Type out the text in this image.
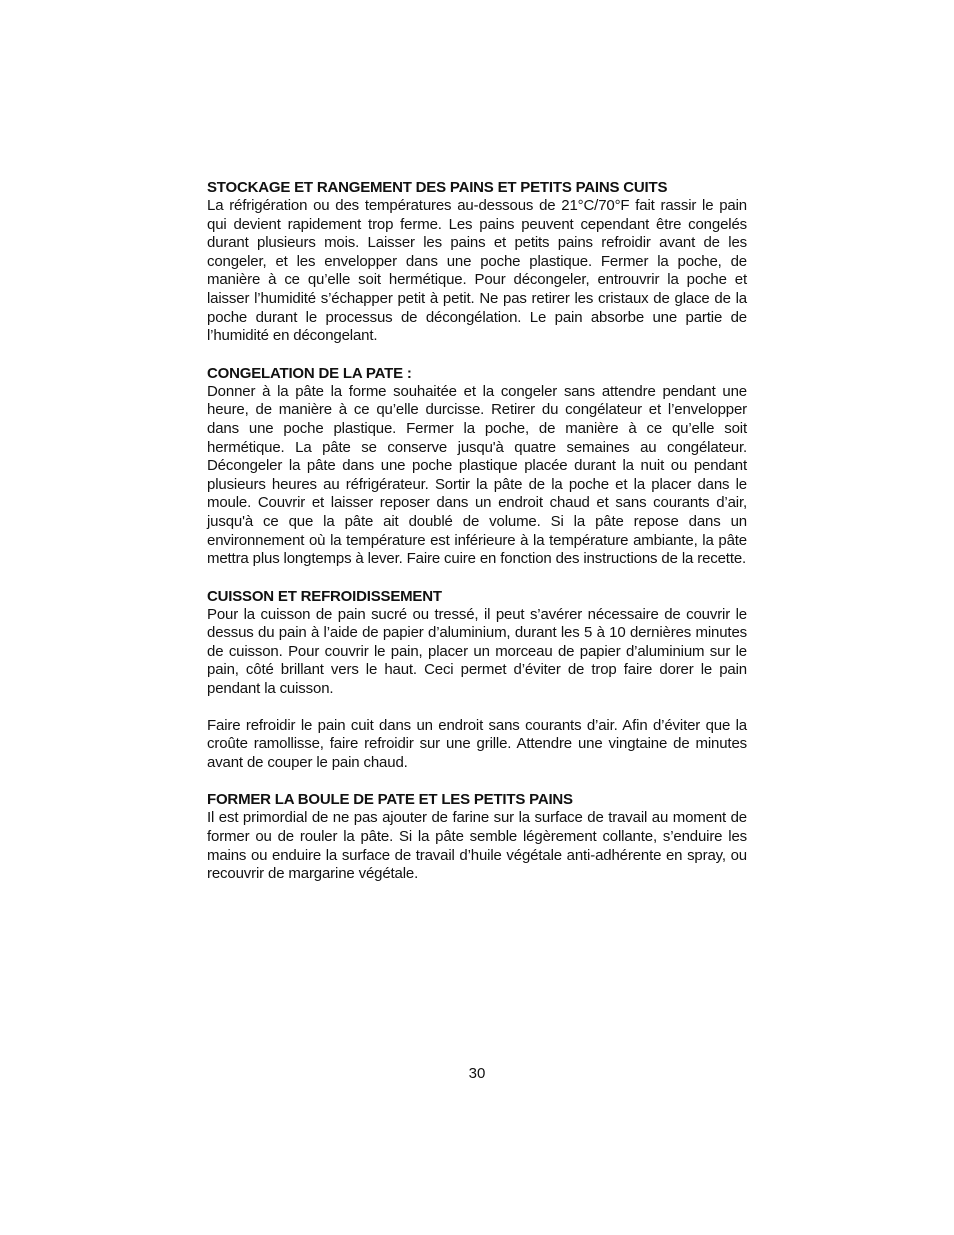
STOCKAGE ET RANGEMENT DES PAINS ET PETITS PAINS CUITS

La réfrigération ou des températures au-dessous de 21°C/70°F fait rassir le pain qui devient rapidement trop ferme. Les pains peuvent cependant être congelés durant plusieurs mois. Laisser les pains et petits pains refroidir avant de les congeler, et les envelopper dans une poche plastique. Fermer la poche, de manière à ce qu’elle soit hermétique. Pour décongeler, entrouvrir la poche et laisser l’humidité s’échapper petit à petit. Ne pas retirer les cristaux de glace de la poche durant le processus de décongélation. Le pain absorbe une partie de l’humidité en décongelant.

CONGELATION DE LA PATE :

Donner à la pâte la forme souhaitée et la congeler sans attendre pendant une heure, de manière à ce qu’elle durcisse. Retirer du congélateur et l’envelopper dans une poche plastique. Fermer la poche, de manière à ce qu’elle soit hermétique. La pâte se conserve jusqu'à quatre semaines au congélateur. Décongeler la pâte dans une poche plastique placée durant la nuit ou pendant plusieurs heures au réfrigérateur. Sortir la pâte de la poche et la placer dans le moule. Couvrir et laisser reposer dans un endroit chaud et sans courants d’air, jusqu'à ce que la pâte ait doublé de volume. Si la pâte repose dans un environnement où la température est inférieure à la température ambiante, la pâte mettra plus longtemps à lever. Faire cuire en fonction des instructions de la recette.

CUISSON ET REFROIDISSEMENT

Pour la cuisson de pain sucré ou tressé, il peut s’avérer nécessaire de couvrir le dessus du pain à l’aide de papier d’aluminium, durant les 5 à 10 dernières minutes de cuisson. Pour couvrir le pain, placer un morceau de papier d’aluminium sur le pain, côté brillant vers le haut. Ceci permet d’éviter de trop faire dorer le pain pendant la cuisson.

Faire refroidir le pain cuit dans un endroit sans courants d’air. Afin d’éviter que la croûte ramollisse, faire refroidir sur une grille. Attendre une vingtaine de minutes avant de couper le pain chaud.

FORMER LA BOULE DE PATE ET LES PETITS PAINS

Il est primordial de ne pas ajouter de farine sur la surface de travail au moment de former ou de rouler la pâte. Si la pâte semble légèrement collante, s’enduire les mains ou enduire la surface de travail d’huile végétale anti-adhérente en spray, ou recouvrir de margarine végétale.

30
